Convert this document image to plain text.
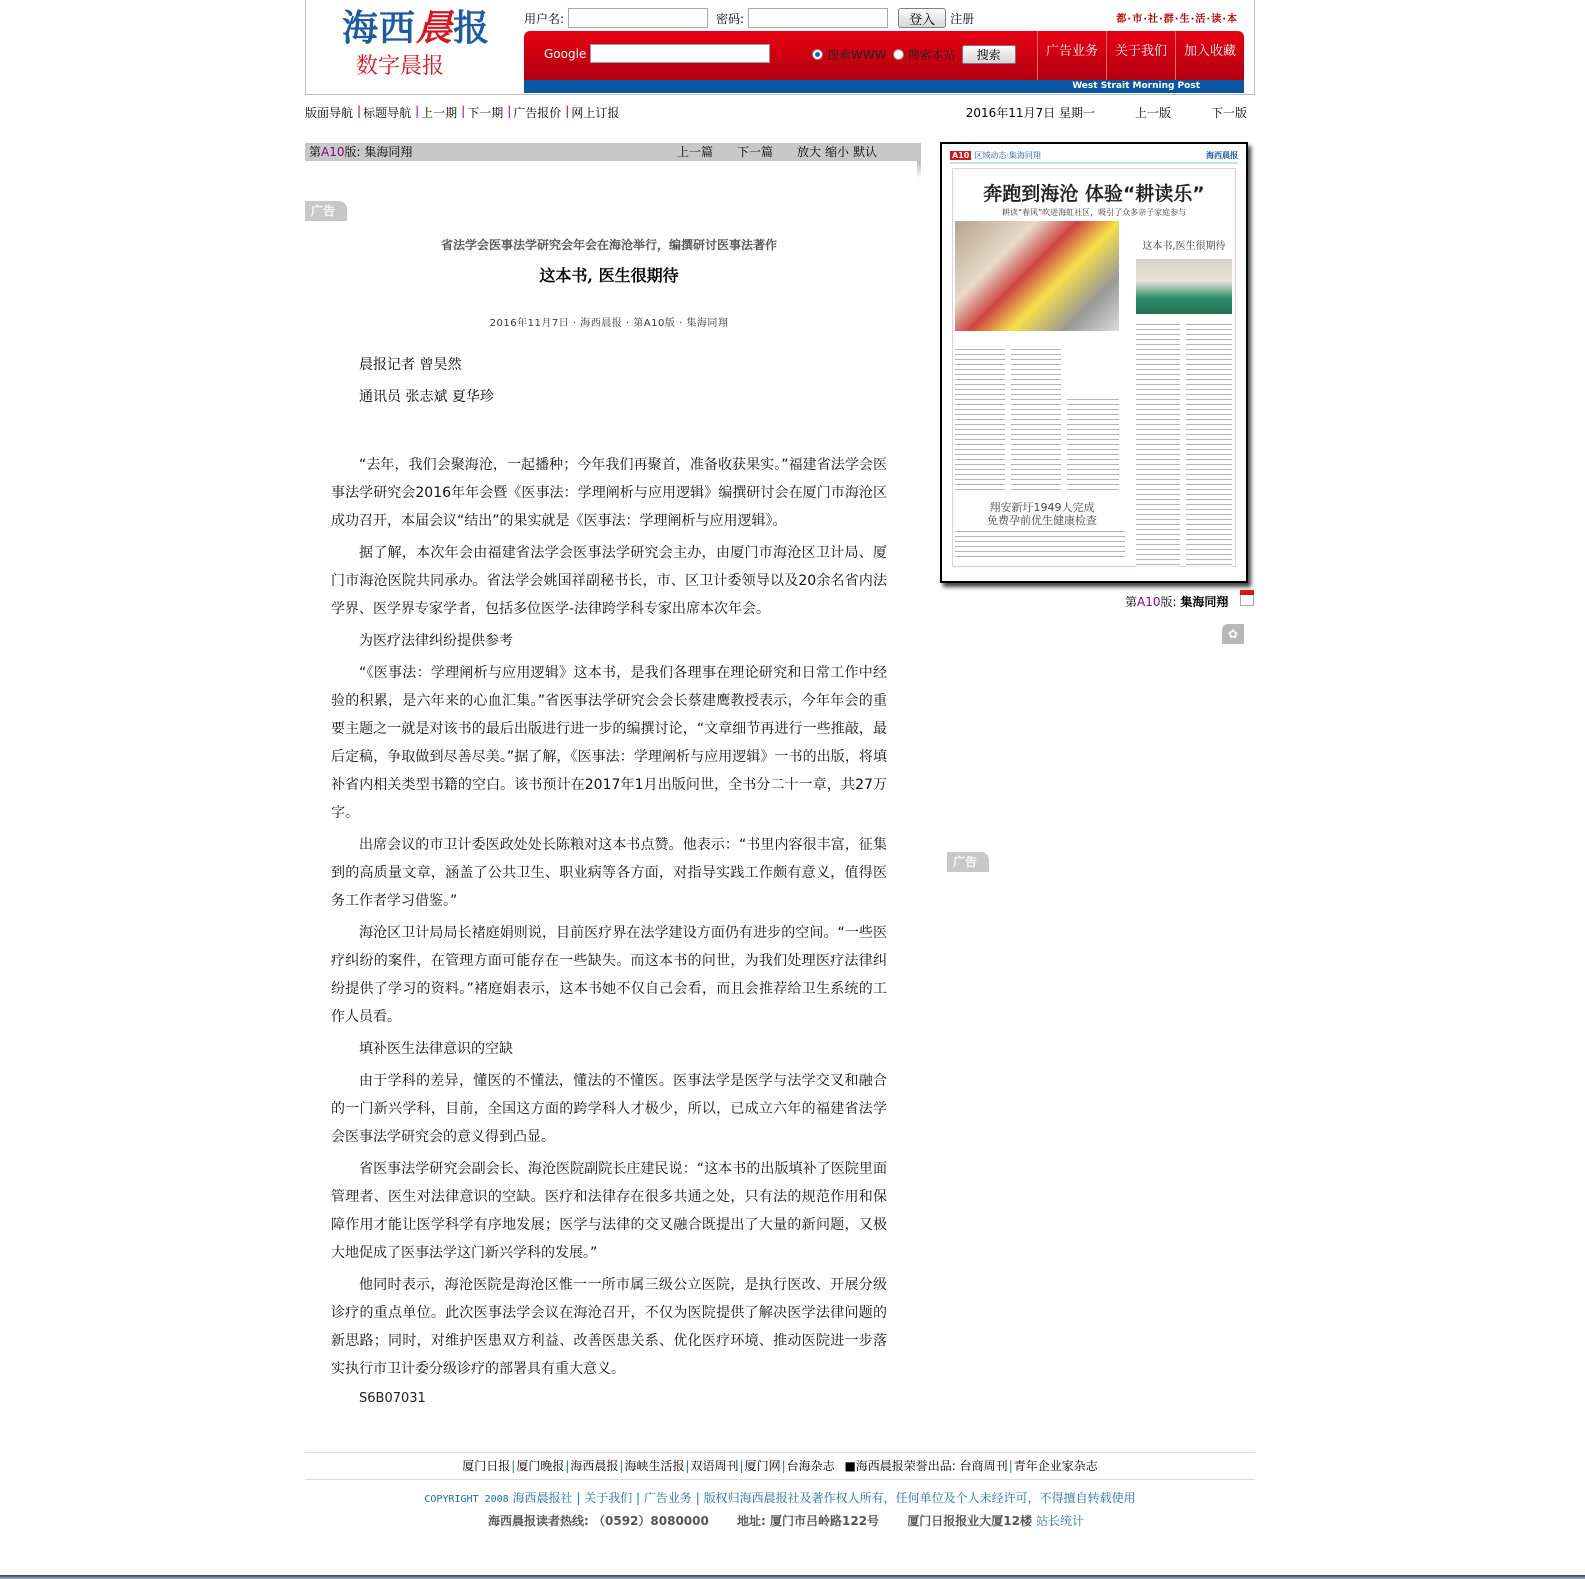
海西晨报
数字晨报
用户名:	密码:	登入	注册	都·市·社·群·生·活·读·本
Google	搜索WWW 搜索本站	搜索	广告业务	关于我们	加入收藏
West Strait Morning Post
版面导航 | 标题导航 | 上一期 | 下一期 | 广告报价 | 网上订报	2016年11月7日 星期一	上一版	下一版
第A10版: 集海同翔	上一篇 下一篇 放大 缩小 默认
广告
省法学会医事法学研究会年会在海沧举行，编撰研讨医事法著作
这本书, 医生很期待
2016年11月7日 · 海西晨报 · 第A10版 · 集海同翔
晨报记者 曾昊然
通讯员 张志斌 夏华珍

“去年，我们会聚海沧，一起播种；今年我们再聚首，准备收获果实。”福建省法学会医事法学研究会2016年年会暨《医事法：学理阐析与应用逻辑》编撰研讨会在厦门市海沧区成功召开，本届会议“结出”的果实就是《医事法：学理阐析与应用逻辑》。

据了解，本次年会由福建省法学会医事法学研究会主办，由厦门市海沧区卫计局、厦门市海沧医院共同承办。省法学会姚国祥副秘书长，市、区卫计委领导以及20余名省内法学界、医学界专家学者，包括多位医学-法律跨学科专家出席本次年会。

为医疗法律纠纷提供参考

“《医事法：学理阐析与应用逻辑》这本书，是我们各理事在理论研究和日常工作中经验的积累，是六年来的心血汇集。”省医事法学研究会会长蔡建鹰教授表示，今年年会的重要主题之一就是对该书的最后出版进行进一步的编撰讨论，“文章细节再进行一些推敲，最后定稿，争取做到尽善尽美。”据了解，《医事法：学理阐析与应用逻辑》一书的出版，将填补省内相关类型书籍的空白。该书预计在2017年1月出版问世，全书分二十一章，共27万字。

出席会议的市卫计委医政处处长陈粮对这本书点赞。他表示：“书里内容很丰富，征集到的高质量文章，涵盖了公共卫生、职业病等各方面，对指导实践工作颇有意义，值得医务工作者学习借鉴。”

海沧区卫计局局长褚庭娟则说，目前医疗界在法学建设方面仍有进步的空间。“一些医疗纠纷的案件，在管理方面可能存在一些缺失。而这本书的问世，为我们处理医疗法律纠纷提供了学习的资料。”褚庭娟表示，这本书她不仅自己会看，而且会推荐给卫生系统的工作人员看。

填补医生法律意识的空缺

由于学科的差异，懂医的不懂法，懂法的不懂医。医事法学是医学与法学交叉和融合的一门新兴学科，目前，全国这方面的跨学科人才极少，所以，已成立六年的福建省法学会医事法学研究会的意义得到凸显。

省医事法学研究会副会长、海沧医院副院长庄建民说：“这本书的出版填补了医院里面管理者、医生对法律意识的空缺。医疗和法律存在很多共通之处，只有法的规范作用和保障作用才能让医学科学有序地发展；医学与法律的交叉融合既提出了大量的新问题，又极大地促成了医事法学这门新兴学科的发展。”

他同时表示，海沧医院是海沧区惟一一所市属三级公立医院，是执行医改、开展分级诊疗的重点单位。此次医事法学会议在海沧召开，不仅为医院提供了解决医学法律问题的新思路；同时，对维护医患双方利益、改善医患关系、优化医疗环境、推动医院进一步落实执行市卫计委分级诊疗的部署具有重大意义。

S6B07031
A10 区域动态·集海同翔	海西晨报
奔跑到海沧 体验“耕读乐”
耕读“春风”吹进海虹社区，吸引了众多亲子家庭参与
这本书,医生很期待
翔安新圩1949人完成
免费孕前优生健康检查
第A10版: 集海同翔
✿
广告
厦门日报|厦门晚报|海西晨报|海峡生活报|双语周刊|厦门网|台海杂志 ■海西晨报荣誉出品: 台商周刊|青年企业家杂志
COPYRIGHT 2008 海西晨报社 | 关于我们 | 广告业务 | 版权归海西晨报社及著作权人所有，任何单位及个人未经许可，不得擅自转载使用
海西晨报读者热线: （0592）8080000 地址: 厦门市吕岭路122号 厦门日报报业大厦12楼 站长统计
